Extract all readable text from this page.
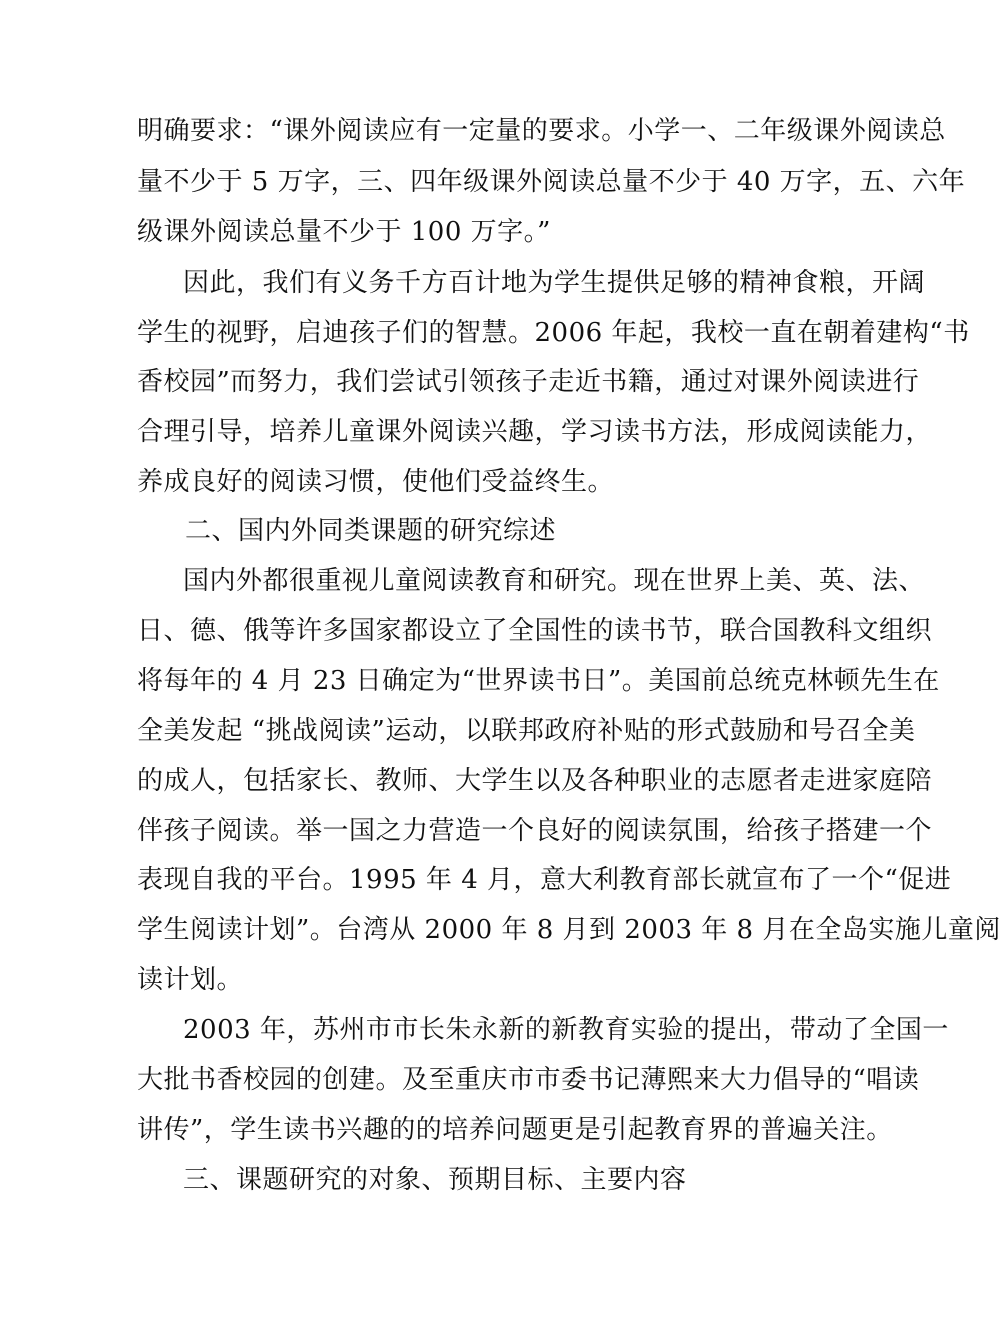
明确要求：“课外阅读应有一定量的要求。小学一、二年级课外阅读总
量不少于 5 万字，三、四年级课外阅读总量不少于 40 万字，五、六年
级课外阅读总量不少于 100 万字。”
因此，我们有义务千方百计地为学生提供足够的精神食粮，开阔
学生的视野，启迪孩子们的智慧。2006 年起，我校一直在朝着建构“书
香校园”而努力，我们尝试引领孩子走近书籍，通过对课外阅读进行
合理引导，培养儿童课外阅读兴趣，学习读书方法，形成阅读能力，
养成良好的阅读习惯，使他们受益终生。
二、国内外同类课题的研究综述
国内外都很重视儿童阅读教育和研究。现在世界上美、英、法、
日、德、俄等许多国家都设立了全国性的读书节，联合国教科文组织
将每年的 4 月 23 日确定为“世界读书日”。美国前总统克林顿先生在
全美发起 “挑战阅读”运动，以联邦政府补贴的形式鼓励和号召全美
的成人，包括家长、教师、大学生以及各种职业的志愿者走进家庭陪
伴孩子阅读。举一国之力营造一个良好的阅读氛围，给孩子搭建一个
表现自我的平台。1995 年 4 月，意大利教育部长就宣布了一个“促进
学生阅读计划”。台湾从 2000 年 8 月到 2003 年 8 月在全岛实施儿童阅
读计划。
2003 年，苏州市市长朱永新的新教育实验的提出，带动了全国一
大批书香校园的创建。及至重庆市市委书记薄熙来大力倡导的“唱读
讲传”，学生读书兴趣的的培养问题更是引起教育界的普遍关注。
三、课题研究的对象、预期目标、主要内容
